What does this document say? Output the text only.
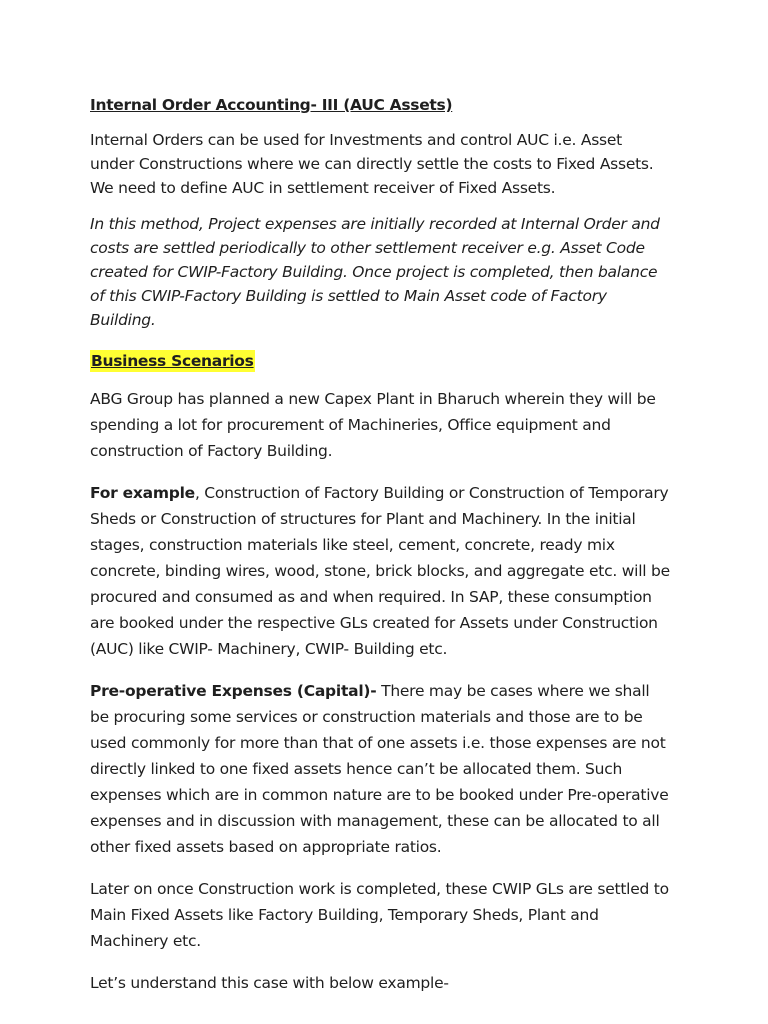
Internal Order Accounting- III (AUC Assets)

Internal Orders can be used for Investments and control AUC i.e. Asset under Constructions where we can directly settle the costs to Fixed Assets. We need to define AUC in settlement receiver of Fixed Assets.

In this method, Project expenses are initially recorded at Internal Order and costs are settled periodically to other settlement receiver e.g. Asset Code created for CWIP-Factory Building. Once project is completed, then balance of this CWIP-Factory Building is settled to Main Asset code of Factory Building.

Business Scenarios

ABG Group has planned a new Capex Plant in Bharuch wherein they will be spending a lot for procurement of Machineries, Office equipment and construction of Factory Building.

For example, Construction of Factory Building or Construction of Temporary Sheds or Construction of structures for Plant and Machinery. In the initial stages, construction materials like steel, cement, concrete, ready mix concrete, binding wires, wood, stone, brick blocks, and aggregate etc. will be procured and consumed as and when required. In SAP, these consumption are booked under the respective GLs created for Assets under Construction (AUC) like CWIP- Machinery, CWIP- Building etc.

Pre-operative Expenses (Capital)- There may be cases where we shall be procuring some services or construction materials and those are to be used commonly for more than that of one assets i.e. those expenses are not directly linked to one fixed assets hence can’t be allocated them. Such expenses which are in common nature are to be booked under Pre-operative expenses and in discussion with management, these can be allocated to all other fixed assets based on appropriate ratios.

Later on once Construction work is completed, these CWIP GLs are settled to Main Fixed Assets like Factory Building, Temporary Sheds, Plant and Machinery etc.

Let’s understand this case with below example-
